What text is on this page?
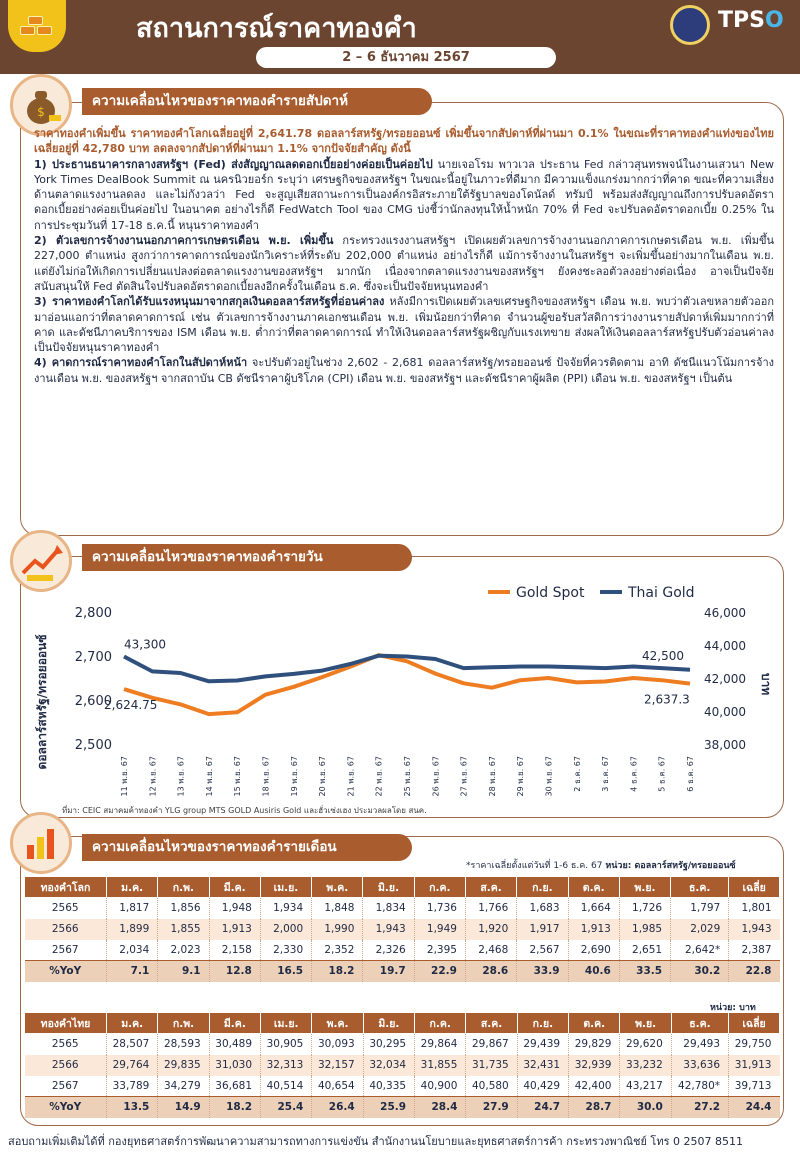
สถานการณ์ราคาทองคำ
2 – 6 ธันวาคม 2567
TPSO
ความเคลื่อนไหวของราคาทองคำรายสัปดาห์
$

ราคาทองคำเพิ่มขึ้น ราคาทองคำโลกเฉลี่ยอยู่ที่ 2,641.78 ดอลลาร์สหรัฐ/ทรอยออนซ์ เพิ่มขึ้นจากสัปดาห์ที่ผ่านมา 0.1% ในขณะที่ราคาทองคำแท่งของไทยเฉลี่ยอยู่ที่ 42,780 บาท ลดลงจากสัปดาห์ที่ผ่านมา 1.1% จากปัจจัยสำคัญ ดังนี้

1) ประธานธนาคารกลางสหรัฐฯ (Fed) ส่งสัญญาณลดดอกเบี้ยอย่างค่อยเป็นค่อยไป นายเจอโรม พาวเวล ประธาน Fed กล่าวสุนทรพจน์ในงานเสวนา New York Times DealBook Summit ณ นครนิวยอร์ก ระบุว่า เศรษฐกิจของสหรัฐฯ ในขณะนี้อยู่ในภาวะที่ดีมาก มีความแข็งแกร่งมากกว่าที่คาด ขณะที่ความเสี่ยงด้านตลาดแรงงานลดลง และไม่กังวลว่า Fed จะสูญเสียสถานะการเป็นองค์กรอิสระภายใต้รัฐบาลของโดนัลด์ ทรัมป์ พร้อมส่งสัญญาณถึงการปรับลดอัตราดอกเบี้ยอย่างค่อยเป็นค่อยไป ในอนาคต อย่างไรก็ดี FedWatch Tool ของ CMG บ่งชี้ว่านักลงทุนให้น้ำหนัก 70% ที่ Fed จะปรับลดอัตราดอกเบี้ย 0.25% ในการประชุมวันที่ 17-18 ธ.ค.นี้ หนุนราคาทองคำ

2) ตัวเลขการจ้างงานนอกภาคการเกษตรเดือน พ.ย. เพิ่มขึ้น กระทรวงแรงงานสหรัฐฯ เปิดเผยตัวเลขการจ้างงานนอกภาคการเกษตรเดือน พ.ย. เพิ่มขึ้น 227,000 ตำแหน่ง สูงกว่าการคาดการณ์ของนักวิเคราะห์ที่ระดับ 202,000 ตำแหน่ง อย่างไรก็ดี แม้การจ้างงานในสหรัฐฯ จะเพิ่มขึ้นอย่างมากในเดือน พ.ย. แต่ยังไม่ก่อให้เกิดการเปลี่ยนแปลงต่อตลาดแรงงานของสหรัฐฯ มากนัก เนื่องจากตลาดแรงงานของสหรัฐฯ ยังคงชะลอตัวลงอย่างต่อเนื่อง อาจเป็นปัจจัยสนับสนุนให้ Fed ตัดสินใจปรับลดอัตราดอกเบี้ยลงอีกครั้งในเดือน ธ.ค. ซึ่งจะเป็นปัจจัยหนุนทองคำ

3) ราคาทองคำโลกได้รับแรงหนุนมาจากสกุลเงินดอลลาร์สหรัฐที่อ่อนค่าลง หลังมีการเปิดเผยตัวเลขเศรษฐกิจของสหรัฐฯ เดือน พ.ย. พบว่าตัวเลขหลายตัวออกมาอ่อนแอกว่าที่ตลาดคาดการณ์ เช่น ตัวเลขการจ้างงานภาคเอกชนเดือน พ.ย. เพิ่มน้อยกว่าที่คาด จำนวนผู้ขอรับสวัสดิการว่างงานรายสัปดาห์เพิ่มมากกว่าที่คาด และดัชนีภาคบริการของ ISM เดือน พ.ย. ต่ำกว่าที่ตลาดคาดการณ์ ทำให้เงินดอลลาร์สหรัฐผชิญกับแรงเทขาย ส่งผลให้เงินดอลลาร์สหรัฐปรับตัวอ่อนค่าลงเป็นปัจจัยหนุนราคาทองคำ

4) คาดการณ์ราคาทองคำโลกในสัปดาห์หน้า จะปรับตัวอยู่ในช่วง 2,602 - 2,681 ดอลลาร์สหรัฐ/ทรอยออนซ์ ปัจจัยที่ควรติดตาม อาทิ ดัชนีแนวโน้มการจ้างงานเดือน พ.ย. ของสหรัฐฯ จากสถาบัน CB ดัชนีราคาผู้บริโภค (CPI) เดือน พ.ย. ของสหรัฐฯ และดัชนีราคาผู้ผลิต (PPI) เดือน พ.ย. ของสหรัฐฯ เป็นต้น

ความเคลื่อนไหวของราคาทองคำรายวัน
2,800
2,700
2,600
2,500
46,000
44,000
42,000
40,000
38,000
11 พ.ย. 67 12 พ.ย. 67 13 พ.ย. 67 14 พ.ย. 67 15 พ.ย. 67 18 พ.ย. 67 19 พ.ย. 67 20 พ.ย. 67 21 พ.ย. 67 22 พ.ย. 67 25 พ.ย. 67 26 พ.ย. 67 27 พ.ย. 67 28 พ.ย. 67 29 พ.ย. 67 30 พ.ย. 67 2 ธ.ค. 67 3 ธ.ค. 67 4 ธ.ค. 67 5 ธ.ค. 67 6 ธ.ค. 67
Gold Spot	Thai Gold
ดอลลาร์สหรัฐ/ทรอยออนซ์	บาท
2,624.75	2,637.3
43,300
42,500
ที่มา: CEIC สมาคมค้าทองคำ YLG group MTS GOLD Ausiris Gold และฮั่วเซ่งเฮง ประมวลผลโดย สนค.
ความเคลื่อนไหวของราคาทองคำรายเดือน
*ราคาเฉลี่ยตั้งแต่วันที่ 1-6 ธ.ค. 67 หน่วย: ดอลลาร์สหรัฐ/ทรอยออนซ์
ทองคำโลก	ม.ค.	ก.พ.	มี.ค.	เม.ย.	พ.ค.	มิ.ย.	ก.ค.	ส.ค.	ก.ย.	ต.ค.	พ.ย.	ธ.ค.	เฉลี่ย
2565	1,817	1,856	1,948	1,934	1,848	1,834	1,736	1,766	1,683	1,664	1,726	1,797	1,801
2566	1,899	1,855	1,913	2,000	1,990	1,943	1,949	1,920	1,917	1,913	1,985	2,029	1,943
2567	2,034	2,023	2,158	2,330	2,352	2,326	2,395	2,468	2,567	2,690	2,651	2,642*	2,387
%YoY	7.1	9.1	12.8	16.5	18.2	19.7	22.9	28.6	33.9	40.6	33.5	30.2	22.8
หน่วย: บาท
ทองคำไทย	ม.ค.	ก.พ.	มี.ค.	เม.ย.	พ.ค.	มิ.ย.	ก.ค.	ส.ค.	ก.ย.	ต.ค.	พ.ย.	ธ.ค.	เฉลี่ย
2565	28,507	28,593	30,489	30,905	30,093	30,295	29,864	29,867	29,439	29,829	29,620	29,493	29,750
2566	29,764	29,835	31,030	32,313	32,157	32,034	31,855	31,735	32,431	32,939	33,232	33,636	31,913
2567	33,789	34,279	36,681	40,514	40,654	40,335	40,900	40,580	40,429	42,400	43,217	42,780*	39,713
%YoY	13.5	14.9	18.2	25.4	26.4	25.9	28.4	27.9	24.7	28.7	30.0	27.2	24.4
สอบถามเพิ่มเติมได้ที่ กองยุทธศาสตร์การพัฒนาความสามารถทางการแข่งขัน สำนักงานนโยบายและยุทธศาสตร์การค้า กระทรวงพาณิชย์ โทร 0 2507 8511
